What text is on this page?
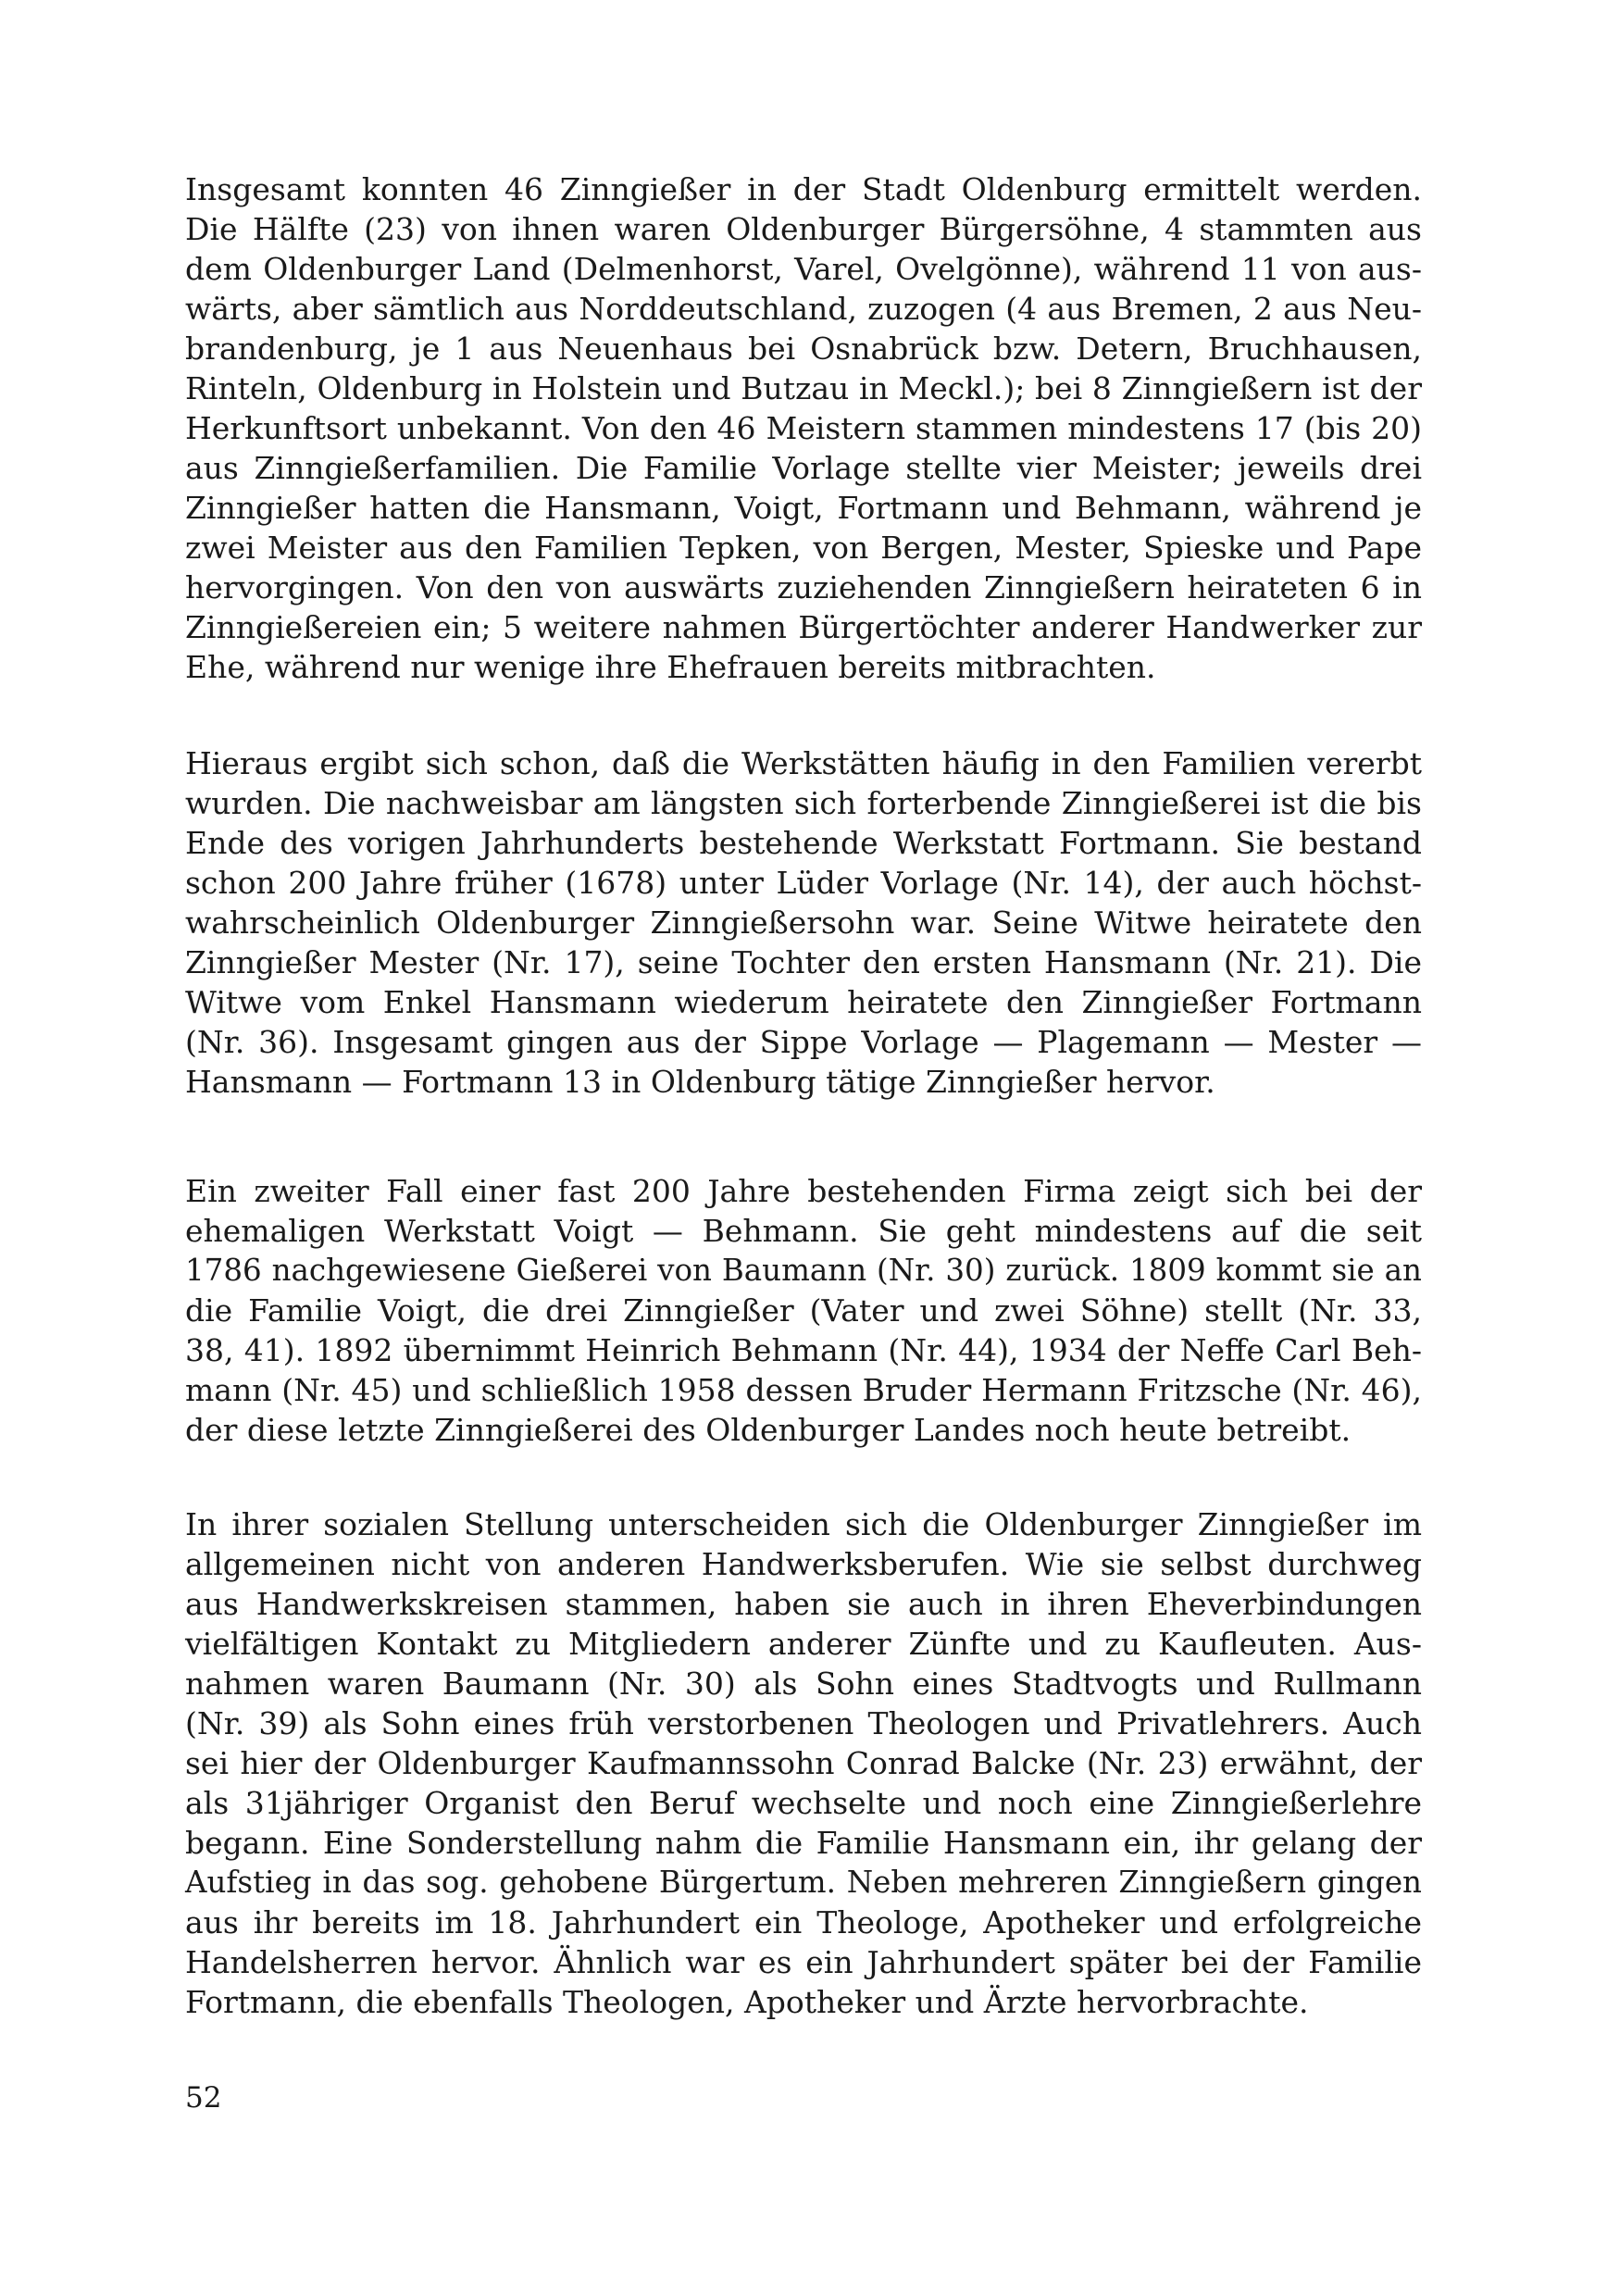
Insgesamt konnten 46 Zinngießer in der Stadt Oldenburg ermittelt werden.
Die Hälfte (23) von ihnen waren Oldenburger Bürgersöhne, 4 stammten aus
dem Oldenburger Land (Delmenhorst, Varel, Ovelgönne), während 11 von aus-
wärts, aber sämtlich aus Norddeutschland, zuzogen (4 aus Bremen, 2 aus Neu-
brandenburg, je 1 aus Neuenhaus bei Osnabrück bzw. Detern, Bruchhausen,
Rinteln, Oldenburg in Holstein und Butzau in Meckl.); bei 8 Zinngießern ist der
Herkunftsort unbekannt. Von den 46 Meistern stammen mindestens 17 (bis 20)
aus Zinngießerfamilien. Die Familie Vorlage stellte vier Meister; jeweils drei
Zinngießer hatten die Hansmann, Voigt, Fortmann und Behmann, während je
zwei Meister aus den Familien Tepken, von Bergen, Mester, Spieske und Pape
hervorgingen. Von den von auswärts zuziehenden Zinngießern heirateten 6 in
Zinngießereien ein; 5 weitere nahmen Bürgertöchter anderer Handwerker zur
Ehe, während nur wenige ihre Ehefrauen bereits mitbrachten.
Hieraus ergibt sich schon, daß die Werkstätten häufig in den Familien vererbt
wurden. Die nachweisbar am längsten sich forterbende Zinngießerei ist die bis
Ende des vorigen Jahrhunderts bestehende Werkstatt Fortmann. Sie bestand
schon 200 Jahre früher (1678) unter Lüder Vorlage (Nr. 14), der auch höchst-
wahrscheinlich Oldenburger Zinngießersohn war. Seine Witwe heiratete den
Zinngießer Mester (Nr. 17), seine Tochter den ersten Hansmann (Nr. 21). Die
Witwe vom Enkel Hansmann wiederum heiratete den Zinngießer Fortmann
(Nr. 36). Insgesamt gingen aus der Sippe Vorlage — Plagemann — Mester —
Hansmann — Fortmann 13 in Oldenburg tätige Zinngießer hervor.
Ein zweiter Fall einer fast 200 Jahre bestehenden Firma zeigt sich bei der
ehemaligen Werkstatt Voigt — Behmann. Sie geht mindestens auf die seit
1786 nachgewiesene Gießerei von Baumann (Nr. 30) zurück. 1809 kommt sie an
die Familie Voigt, die drei Zinngießer (Vater und zwei Söhne) stellt (Nr. 33,
38, 41). 1892 übernimmt Heinrich Behmann (Nr. 44), 1934 der Neffe Carl Beh-
mann (Nr. 45) und schließlich 1958 dessen Bruder Hermann Fritzsche (Nr. 46),
der diese letzte Zinngießerei des Oldenburger Landes noch heute betreibt.
In ihrer sozialen Stellung unterscheiden sich die Oldenburger Zinngießer im
allgemeinen nicht von anderen Handwerksberufen. Wie sie selbst durchweg
aus Handwerkskreisen stammen, haben sie auch in ihren Eheverbindungen
vielfältigen Kontakt zu Mitgliedern anderer Zünfte und zu Kaufleuten. Aus-
nahmen waren Baumann (Nr. 30) als Sohn eines Stadtvogts und Rullmann
(Nr. 39) als Sohn eines früh verstorbenen Theologen und Privatlehrers. Auch
sei hier der Oldenburger Kaufmannssohn Conrad Balcke (Nr. 23) erwähnt, der
als 31jähriger Organist den Beruf wechselte und noch eine Zinngießerlehre
begann. Eine Sonderstellung nahm die Familie Hansmann ein, ihr gelang der
Aufstieg in das sog. gehobene Bürgertum. Neben mehreren Zinngießern gingen
aus ihr bereits im 18. Jahrhundert ein Theologe, Apotheker und erfolgreiche
Handelsherren hervor. Ähnlich war es ein Jahrhundert später bei der Familie
Fortmann, die ebenfalls Theologen, Apotheker und Ärzte hervorbrachte.
52
